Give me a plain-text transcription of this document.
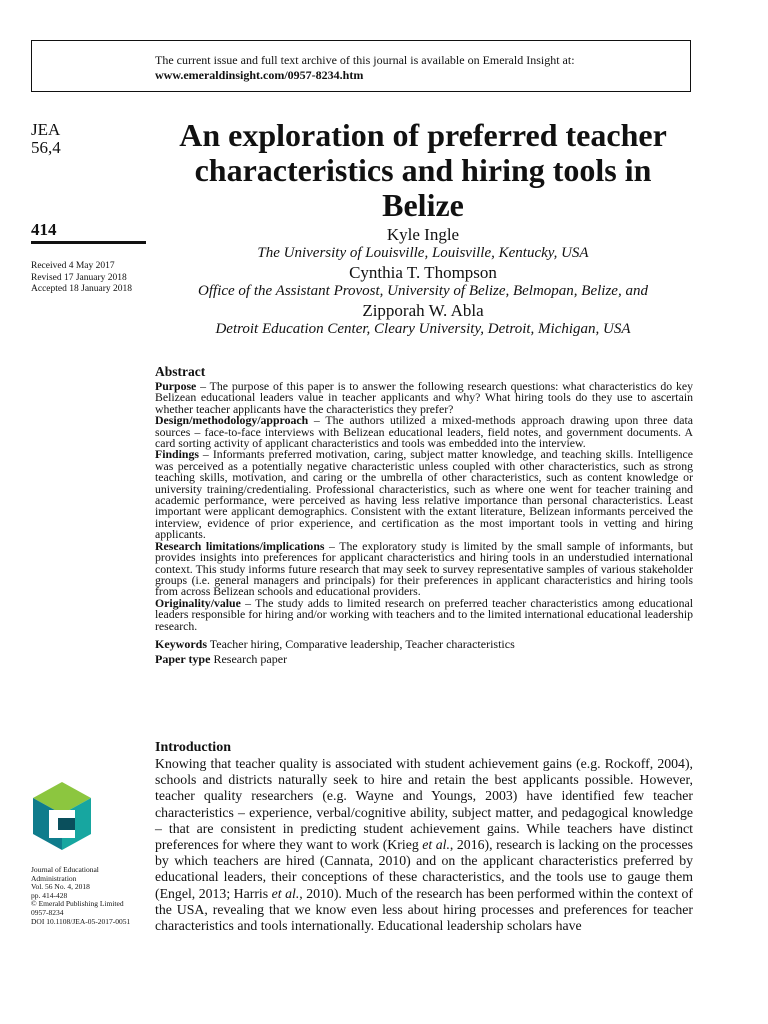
The current issue and full text archive of this journal is available on Emerald Insight at:
www.emeraldinsight.com/0957-8234.htm
JEA
56,4
414
Received 4 May 2017
Revised 17 January 2018
Accepted 18 January 2018
An exploration of preferred teacher characteristics and hiring tools in Belize
Kyle Ingle
The University of Louisville, Louisville, Kentucky, USA
Cynthia T. Thompson
Office of the Assistant Provost, University of Belize, Belmopan, Belize, and
Zipporah W. Abla
Detroit Education Center, Cleary University, Detroit, Michigan, USA
Abstract

Purpose – The purpose of this paper is to answer the following research questions: what characteristics do key Belizean educational leaders value in teacher applicants and why? What hiring tools do they use to ascertain whether teacher applicants have the characteristics they prefer?

Design/methodology/approach – The authors utilized a mixed-methods approach drawing upon three data sources – face-to-face interviews with Belizean educational leaders, field notes, and government documents. A card sorting activity of applicant characteristics and tools was embedded into the interview.

Findings – Informants preferred motivation, caring, subject matter knowledge, and teaching skills. Intelligence was perceived as a potentially negative characteristic unless coupled with other characteristics, such as strong teaching skills, motivation, and caring or the umbrella of other characteristics, such as content knowledge or university training/credentialing. Professional characteristics, such as where one went for teacher training and academic performance, were perceived as having less relative importance than personal characteristics. Least important were applicant demographics. Consistent with the extant literature, Belizean informants perceived the interview, evidence of prior experience, and certification as the most important tools in vetting and hiring applicants.

Research limitations/implications – The exploratory study is limited by the small sample of informants, but provides insights into preferences for applicant characteristics and hiring tools in an understudied international context. This study informs future research that may seek to survey representative samples of various stakeholder groups (i.e. general managers and principals) for their preferences in applicant characteristics and hiring tools from across Belizean schools and educational providers.

Originality/value – The study adds to limited research on preferred teacher characteristics among educational leaders responsible for hiring and/or working with teachers and to the limited international educational leadership research.

Keywords Teacher hiring, Comparative leadership, Teacher characteristics

Paper type Research paper

Introduction

Knowing that teacher quality is associated with student achievement gains (e.g. Rockoff, 2004), schools and districts naturally seek to hire and retain the best applicants possible. However, teacher quality researchers (e.g. Wayne and Youngs, 2003) have identified few teacher characteristics – experience, verbal/cognitive ability, subject matter, and pedagogical knowledge – that are consistent in predicting student achievement gains. While teachers have distinct preferences for where they want to work (Krieg et al., 2016), research is lacking on the processes by which teachers are hired (Cannata, 2010) and on the applicant characteristics preferred by educational leaders, their conceptions of these characteristics, and the tools use to gauge them (Engel, 2013; Harris et al., 2010). Much of the research has been performed within the context of the USA, revealing that we know even less about hiring processes and preferences for teacher characteristics and tools internationally. Educational leadership scholars have

Journal of Educational
Administration
Vol. 56 No. 4, 2018
pp. 414-428
© Emerald Publishing Limited
0957-8234
DOI 10.1108/JEA-05-2017-0051
